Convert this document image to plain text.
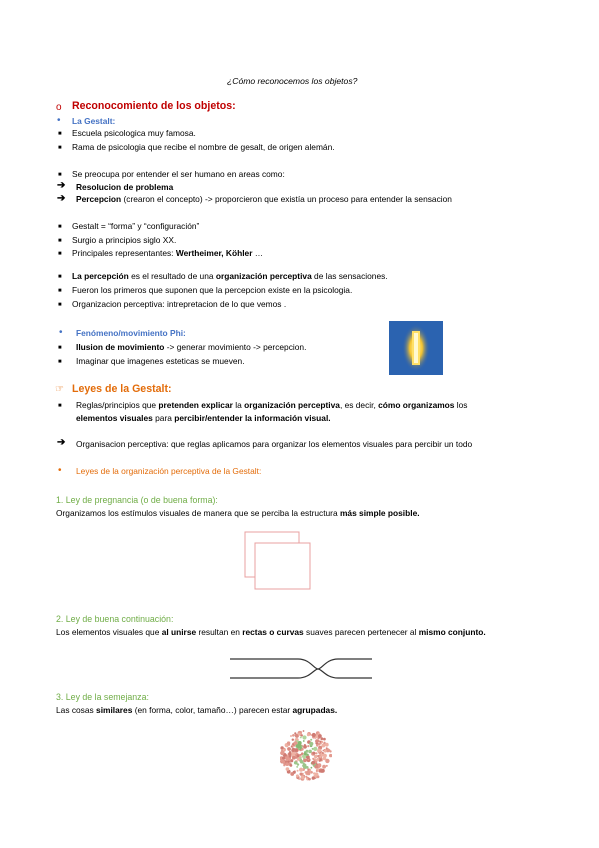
¿Cómo reconocemos los objetos?
o Reconocomiento de los objetos:
• La Gestalt:
■ Escuela psicologica muy famosa.
■ Rama de psicologia que recibe el nombre de gesalt, de origen alemán.
■ Se preocupa por entender el ser humano en areas como:
➔ Resolucion de problema
➔ Percepcion (crearon el concepto) -> proporcieron que existía un proceso para entender la sensacion
■ Gestalt = “forma” y “configuración”
■ Surgio a principios siglo XX.
■ Principales representantes: Wertheimer, Köhler …
■ La percepción es el resultado de una organización perceptiva de las sensaciones.
■ Fueron los primeros que suponen que la percepcion existe en la psicologia.
■ Organizacion perceptiva: intrepretacion de lo que vemos .
• Fenómeno/movimiento Phi:
■ Ilusion de movimiento -> generar movimiento -> percepcion.
■ Imaginar que imagenes esteticas se mueven.
☞ Leyes de la Gestalt:
■ Reglas/principios que pretenden explicar la organización perceptiva, es decir, cómo organizamos los
elementos visuales para percibir/entender la información visual.
➔ Organisacion perceptiva: que reglas aplicamos para organizar los elementos visuales para percibir un todo
• Leyes de la organización perceptiva de la Gestalt:
1. Ley de pregnancia (o de buena forma):
Organizamos los estímulos visuales de manera que se perciba la estructura más simple posible.
2. Ley de buena continuación:
Los elementos visuales que al unirse resultan en rectas o curvas suaves parecen pertenecer al mismo conjunto.
3. Ley de la semejanza:
Las cosas similares (en forma, color, tamaño…) parecen estar agrupadas.
